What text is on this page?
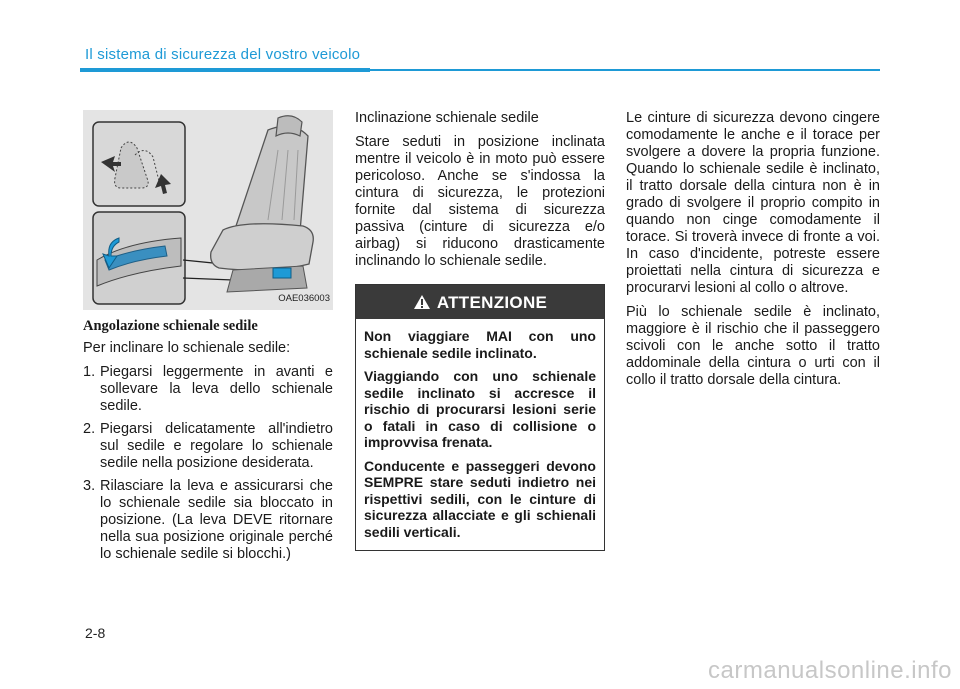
Il sistema di sicurezza del vostro veicolo
OAE036003
Angolazione schienale sedile

Per inclinare lo schienale sedile:

1. Piegarsi leggermente in avanti e sollevare la leva dello schienale sedile.
2. Piegarsi delicatamente all'indietro sul sedile e regolare lo schienale sedile nella posizione desiderata.
3. Rilasciare la leva e assicurarsi che lo schienale sedile sia bloccato in posizione. (La leva DEVE ritornare nella sua posizione originale perché lo schienale sedile si blocchi.)

Inclinazione schienale sedile

Stare seduti in posizione inclinata mentre il veicolo è in moto può essere pericoloso. Anche se s'indossa la cintura di sicurezza, le protezioni fornite dal sistema di sicurezza passiva (cinture di sicurezza e/o airbag) si riducono drasticamente inclinando lo schienale sedile.

ATTENZIONE

Non viaggiare MAI con uno schienale sedile inclinato.

Viaggiando con uno schienale sedile inclinato si accresce il rischio di procurarsi lesioni serie o fatali in caso di collisione o improvvisa frenata.

Conducente e passeggeri devono SEMPRE stare seduti indietro nei rispettivi sedili, con le cinture di sicurezza allacciate e gli schienali sedili verticali.

Le cinture di sicurezza devono cingere comodamente le anche e il torace per svolgere a dovere la propria funzione. Quando lo schienale sedile è inclinato, il tratto dorsale della cintura non è in grado di svolgere il proprio compito in quando non cinge comodamente il torace. Si troverà invece di fronte a voi. In caso d'incidente, potreste essere proiettati nella cintura di sicurezza e procurarvi lesioni al collo o altrove.

Più lo schienale sedile è inclinato, maggiore è il rischio che il passeggero scivoli con le anche sotto il tratto addominale della cintura o urti con il collo il tratto dorsale della cintura.

2-8
carmanualsonline.info
